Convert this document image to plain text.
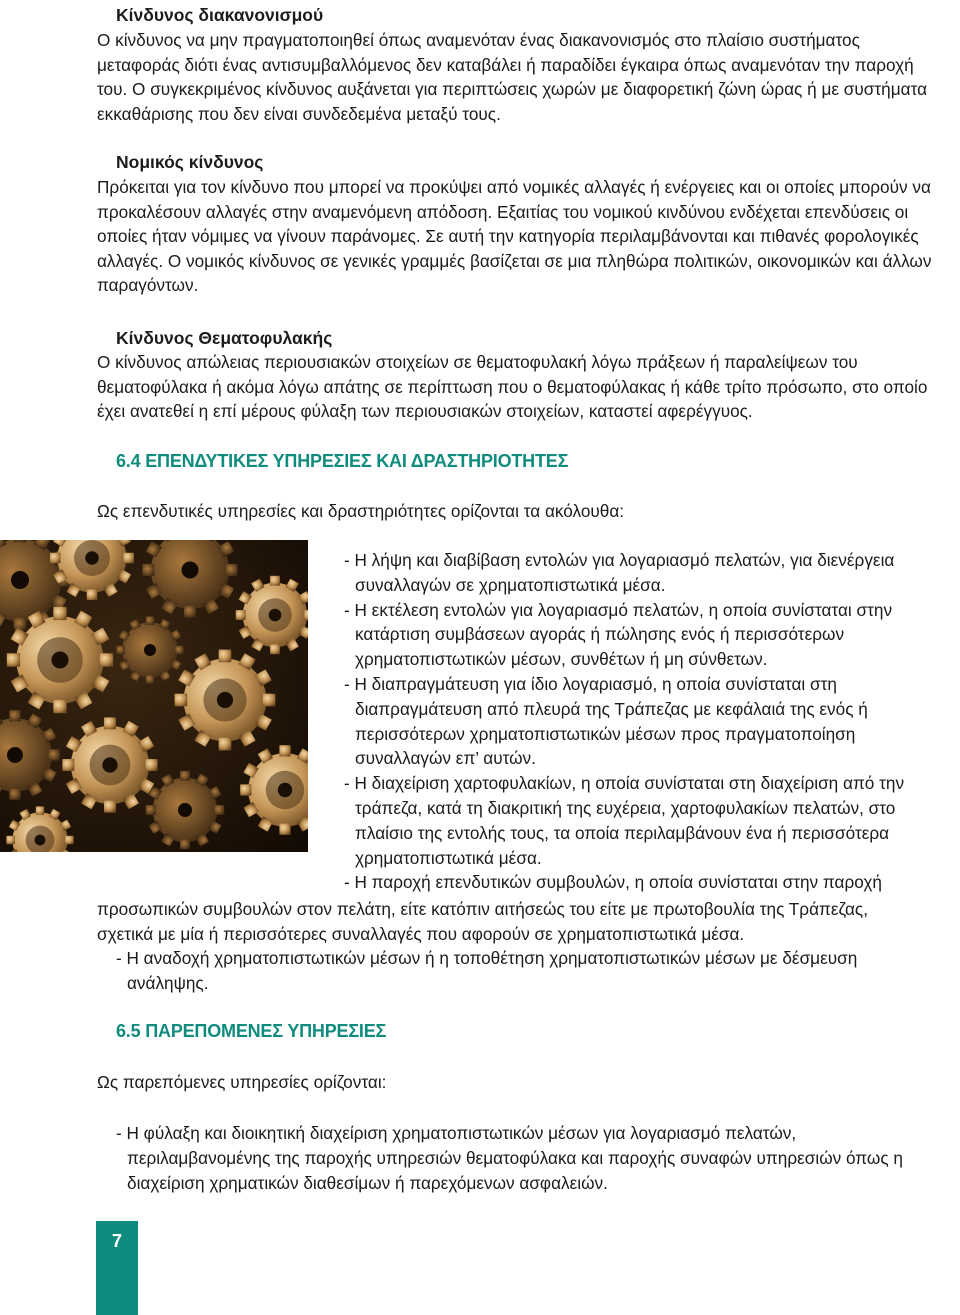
Κίνδυνος διακανονισμού
Ο κίνδυνος να μην πραγματοποιηθεί όπως αναμενόταν ένας διακανονισμός στο πλαίσιο συστήματος
μεταφοράς διότι ένας αντισυμβαλλόμενος δεν καταβάλει ή παραδίδει έγκαιρα όπως αναμενόταν την παροχή
του. Ο συγκεκριμένος κίνδυνος αυξάνεται για περιπτώσεις χωρών με διαφορετική ζώνη ώρας ή με συστήματα
εκκαθάρισης που δεν είναι συνδεδεμένα μεταξύ τους.
Νομικός κίνδυνος
Πρόκειται για τον κίνδυνο που μπορεί να προκύψει από νομικές αλλαγές ή ενέργειες και οι οποίες μπορούν να
προκαλέσουν αλλαγές στην αναμενόμενη απόδοση. Εξαιτίας του νομικού κινδύνου ενδέχεται επενδύσεις οι
οποίες ήταν νόμιμες να γίνουν παράνομες. Σε αυτή την κατηγορία περιλαμβάνονται και πιθανές φορολογικές
αλλαγές. Ο νομικός κίνδυνος σε γενικές γραμμές βασίζεται σε μια πληθώρα πολιτικών, οικονομικών και άλλων
παραγόντων.
Κίνδυνος Θεματοφυλακής
Ο κίνδυνος απώλειας περιουσιακών στοιχείων σε θεματοφυλακή λόγω πράξεων ή παραλείψεων του
θεματοφύλακα ή ακόμα λόγω απάτης σε περίπτωση που ο θεματοφύλακας ή κάθε τρίτο πρόσωπο, στο οποίο
έχει ανατεθεί η επί μέρους φύλαξη των περιουσιακών στοιχείων, καταστεί αφερέγγυος.
6.4 ΕΠΕΝΔΥΤΙΚΕΣ ΥΠΗΡΕΣΙΕΣ ΚΑΙ ΔΡΑΣΤΗΡΙΟΤΗΤΕΣ
Ως επενδυτικές υπηρεσίες και δραστηριότητες ορίζονται τα ακόλουθα:
- Η λήψη και διαβίβαση εντολών για λογαριασμό πελατών, για διενέργεια
συναλλαγών σε χρηματοπιστωτικά μέσα.
- Η εκτέλεση εντολών για λογαριασμό πελατών, η οποία συνίσταται στην
κατάρτιση συμβάσεων αγοράς ή πώλησης ενός ή περισσότερων
χρηματοπιστωτικών μέσων, συνθέτων ή μη σύνθετων.
- Η διαπραγμάτευση για ίδιο λογαριασμό, η οποία συνίσταται στη
διαπραγμάτευση από πλευρά της Τράπεζας με κεφάλαιά της ενός ή
περισσότερων χρηματοπιστωτικών μέσων προς πραγματοποίηση
συναλλαγών επ’ αυτών.
- Η διαχείριση χαρτοφυλακίων, η οποία συνίσταται στη διαχείριση από την
τράπεζα, κατά τη διακριτική της ευχέρεια, χαρτοφυλακίων πελατών, στο
πλαίσιο της εντολής τους, τα οποία περιλαμβάνουν ένα ή περισσότερα
χρηματοπιστωτικά μέσα.
- Η παροχή επενδυτικών συμβουλών, η οποία συνίσταται στην παροχή
προσωπικών συμβουλών στον πελάτη, είτε κατόπιν αιτήσεώς του είτε με πρωτοβουλία της Τράπεζας,
σχετικά με μία ή περισσότερες συναλλαγές που αφορούν σε χρηματοπιστωτικά μέσα.
- Η αναδοχή χρηματοπιστωτικών μέσων ή η τοποθέτηση χρηματοπιστωτικών μέσων με δέσμευση
ανάληψης.
6.5 ΠΑΡΕΠΟΜΕΝΕΣ ΥΠΗΡΕΣΙΕΣ
Ως παρεπόμενες υπηρεσίες ορίζονται:
- Η φύλαξη και διοικητική διαχείριση χρηματοπιστωτικών μέσων για λογαριασμό πελατών,
περιλαμβανομένης της παροχής υπηρεσιών θεματοφύλακα και παροχής συναφών υπηρεσιών όπως η
διαχείριση χρηματικών διαθεσίμων ή παρεχόμενων ασφαλειών.
7
